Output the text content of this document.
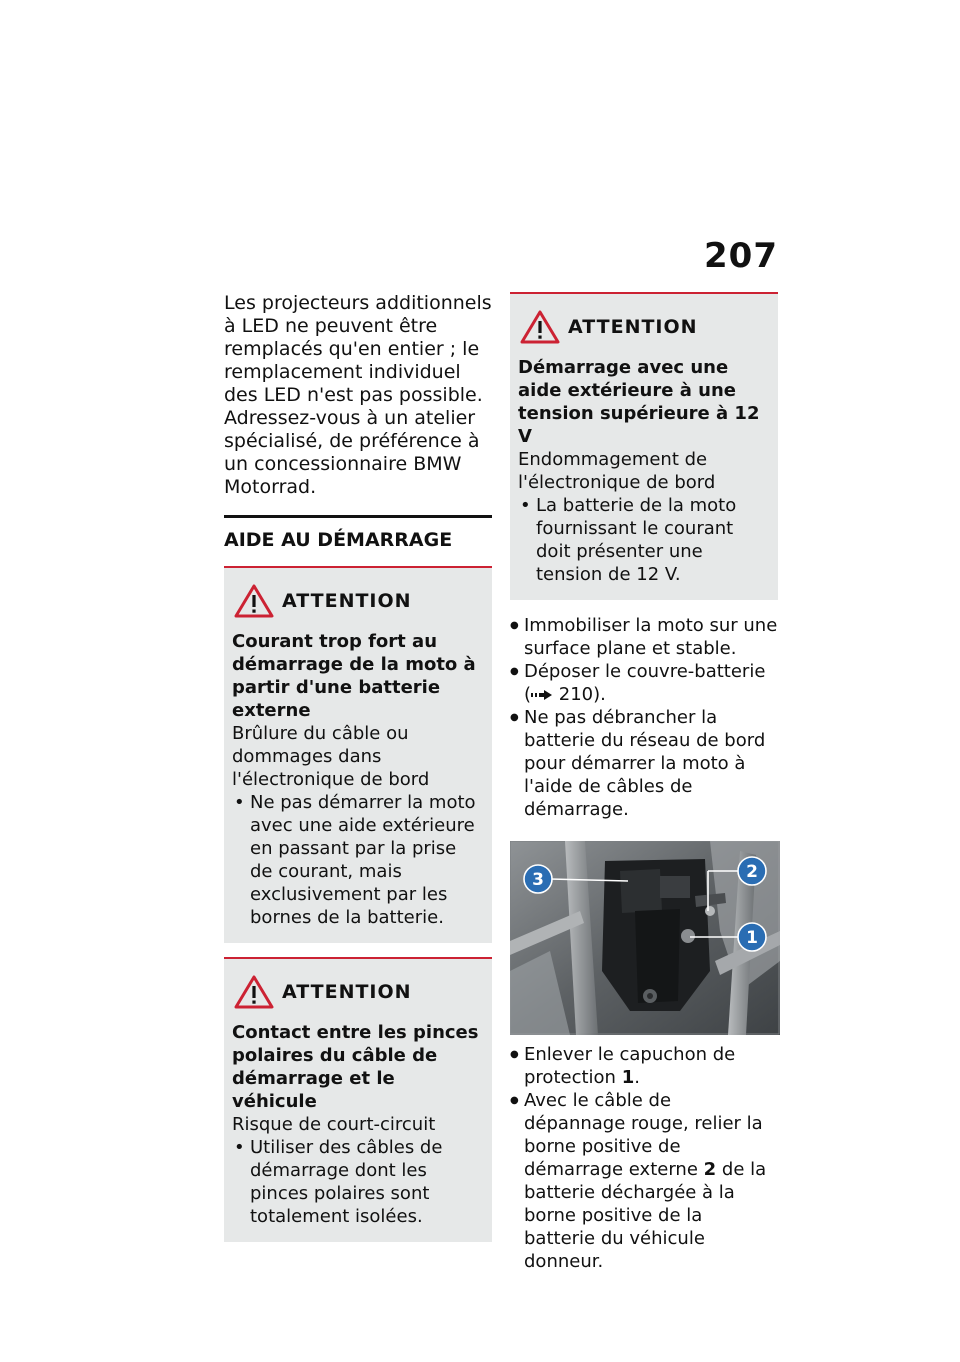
207

Les projecteurs additionnels à LED ne peuvent être remplacés qu'en entier ; le remplacement individuel des LED n'est pas possible.

Adressez-vous à un atelier spécialisé, de préférence à un concessionnaire BMW Motorrad.

AIDE AU DÉMARRAGE
ATTENTION
Courant trop fort au démarrage de la moto à partir d'une batterie externe
Brûlure du câble ou dommages dans l'électronique de bord
• Ne pas démarrer la moto avec une aide extérieure en passant par la prise de courant, mais exclusivement par les bornes de la batterie.
ATTENTION
Contact entre les pinces polaires du câble de démarrage et le véhicule
Risque de court-circuit
• Utiliser des câbles de démarrage dont les pinces polaires sont totalement isolées.
ATTENTION
Démarrage avec une aide extérieure à une tension supérieure à 12 V
Endommagement de l'électronique de bord
• La batterie de la moto fournissant le courant doit présenter une tension de 12 V.
● Immobiliser la moto sur une surface plane et stable.
● Déposer le couvre-batterie ( 210).
● Ne pas débrancher la batterie du réseau de bord pour démarrer la moto à l'aide de câbles de démarrage.
3	2
1
● Enlever le capuchon de protection 1.
● Avec le câble de dépannage rouge, relier la borne positive de démarrage externe 2 de la batterie déchargée à la borne positive de la batterie du véhicule donneur.
